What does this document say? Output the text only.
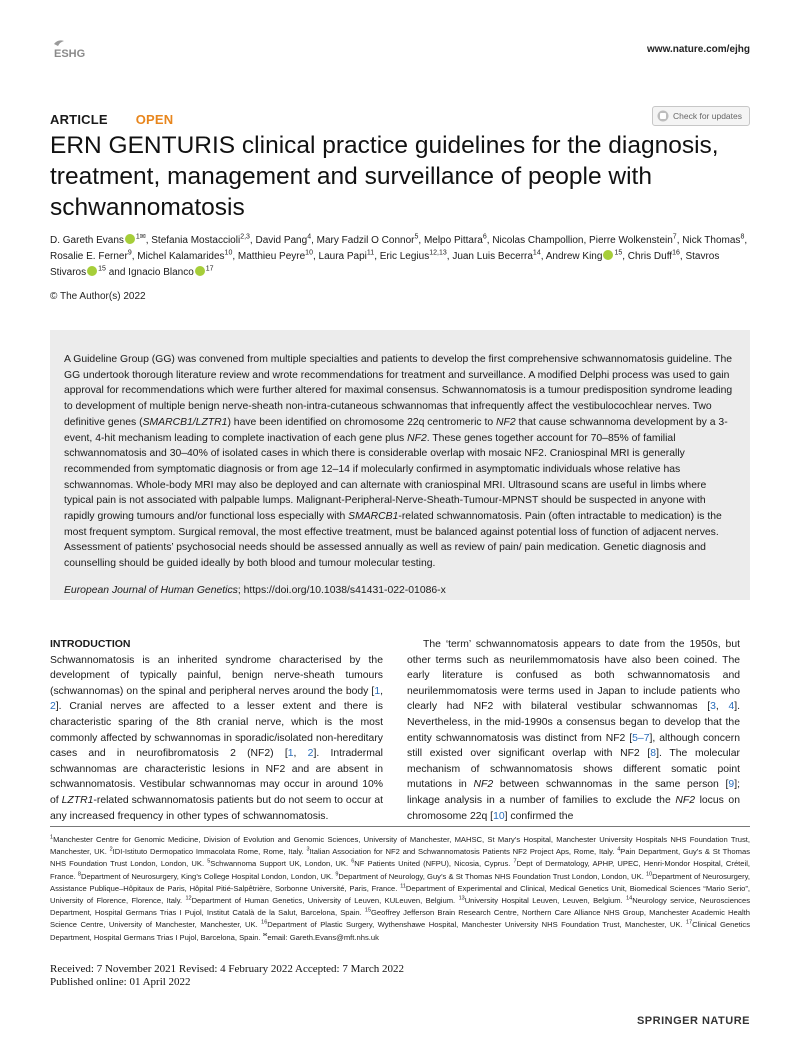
ESHG	www.nature.com/ejhg
ARTICLE OPEN	Check for updates
ERN GENTURIS clinical practice guidelines for the diagnosis, treatment, management and surveillance of people with schwannomatosis
D. Gareth Evans $^{1✉}$, Stefania Mostaccioli$^{2,3}$, David Pang$^4$, Mary Fadzil O Connor$^5$, Melpo Pittara$^6$, Nicolas Champollion, Pierre Wolkenstein$^7$, Nick Thomas$^8$, Rosalie E. Ferner$^9$, Michel Kalamarides$^{10}$, Matthieu Peyre$^{10}$, Laura Papi$^{11}$, Eric Legius$^{12,13}$, Juan Luis Becerra$^{14}$, Andrew King $^{15}$, Chris Duff$^{16}$, Stavros Stivaros $^{15}$ and Ignacio Blanco $^{17}$
© The Author(s) 2022
A Guideline Group (GG) was convened from multiple specialties and patients to develop the first comprehensive schwannomatosis guideline. The GG undertook thorough literature review and wrote recommendations for treatment and surveillance. A modified Delphi process was used to gain approval for recommendations which were further altered for maximal consensus. Schwannomatosis is a tumour predisposition syndrome leading to development of multiple benign nerve-sheath non-intra-cutaneous schwannomas that infrequently affect the vestibulocochlear nerves. Two definitive genes (SMARCB1/LZTR1) have been identified on chromosome 22q centromeric to NF2 that cause schwannoma development by a 3-event, 4-hit mechanism leading to complete inactivation of each gene plus NF2. These genes together account for 70–85% of familial schwannomatosis and 30–40% of isolated cases in which there is considerable overlap with mosaic NF2. Craniospinal MRI is generally recommended from symptomatic diagnosis or from age 12–14 if molecularly confirmed in asymptomatic individuals whose relative has schwannomas. Whole-body MRI may also be deployed and can alternate with craniospinal MRI. Ultrasound scans are useful in limbs where typical pain is not associated with palpable lumps. Malignant-Peripheral-Nerve-Sheath-Tumour-MPNST should be suspected in anyone with rapidly growing tumours and/or functional loss especially with SMARCB1-related schwannomatosis. Pain (often intractable to medication) is the most frequent symptom. Surgical removal, the most effective treatment, must be balanced against potential loss of function of adjacent nerves. Assessment of patients’ psychosocial needs should be assessed annually as well as review of pain/ pain medication. Genetic diagnosis and counselling should be guided ideally by both blood and tumour molecular testing.
European Journal of Human Genetics; https://doi.org/10.1038/s41431-022-01086-x
INTRODUCTION
Schwannomatosis is an inherited syndrome characterised by the development of typically painful, benign nerve-sheath tumours (schwannomas) on the spinal and peripheral nerves around the body [1, 2]. Cranial nerves are affected to a lesser extent and there is characteristic sparing of the 8th cranial nerve, which is the most commonly affected by schwannomas in sporadic/isolated non-hereditary cases and in neurofibromatosis 2 (NF2) [1, 2]. Intradermal schwannomas are characteristic lesions in NF2 and are absent in schwannomatosis. Vestibular schwannomas may occur in around 10% of LZTR1-related schwannomatosis patients but do not seem to occur at any increased frequency in other types of schwannomatosis.
The ‘term’ schwannomatosis appears to date from the 1950s, but other terms such as neurilemmomatosis have also been coined. The early literature is confused as both schwannomatosis and neurilemmomatosis were terms used in Japan to include patients who clearly had NF2 with bilateral vestibular schwannomas [3, 4]. Nevertheless, in the mid-1990s a consensus began to develop that the entity schwannomatosis was distinct from NF2 [5–7], although concern still existed over significant overlap with NF2 [8]. The molecular mechanism of schwannomatosis shows different somatic point mutations in NF2 between schwannomas in the same person [9]; linkage analysis in a number of families to exclude the NF2 locus on chromosome 22q [10] confirmed the
$^1$Manchester Centre for Genomic Medicine, Division of Evolution and Genomic Sciences, University of Manchester, MAHSC, St Mary’s Hospital, Manchester University Hospitals NHS Foundation Trust, Manchester, UK. $^2$IDI-Istituto Dermopatico Immacolata Rome, Rome, Italy. $^3$Italian Association for NF2 and Schwannomatosis Patients NF2 Project Aps, Rome, Italy. $^4$Pain Department, Guy’s & St Thomas NHS Foundation Trust London, London, UK. $^5$Schwannoma Support UK, London, UK. $^6$NF Patients United (NFPU), Nicosia, Cyprus. $^7$Dept of Dermatology, APHP, UPEC, Henri-Mondor Hospital, Créteil, France. $^8$Department of Neurosurgery, King’s College Hospital London, London, UK. $^9$Department of Neurology, Guy’s & St Thomas NHS Foundation Trust London, London, UK. $^{10}$Department of Neurosurgery, Assistance Publique–Hôpitaux de Paris, Hôpital Pitié-Salpêtrière, Sorbonne Université, Paris, France. $^{11}$Department of Experimental and Clinical, Medical Genetics Unit, Biomedical Sciences “Mario Serio”, University of Florence, Florence, Italy. $^{12}$Department of Human Genetics, University of Leuven, KULeuven, Belgium. $^{13}$University Hospital Leuven, Leuven, Belgium. $^{14}$Neurology service, Neurosciences Department, Hospital Germans Trias I Pujol, Institut Català de la Salut, Barcelona, Spain. $^{15}$Geoffrey Jefferson Brain Research Centre, Northern Care Alliance NHS Group, Manchester Academic Health Science Centre, University of Manchester, Manchester, UK. $^{16}$Department of Plastic Surgery, Wythenshawe Hospital, Manchester University NHS Foundation Trust, Manchester, UK. $^{17}$Clinical Genetics Department, Hospital Germans Trias I Pujol, Barcelona, Spain. ✉email: Gareth.Evans@mft.nhs.uk
Received: 7 November 2021 Revised: 4 February 2022 Accepted: 7 March 2022
Published online: 01 April 2022
SPRINGER NATURE
